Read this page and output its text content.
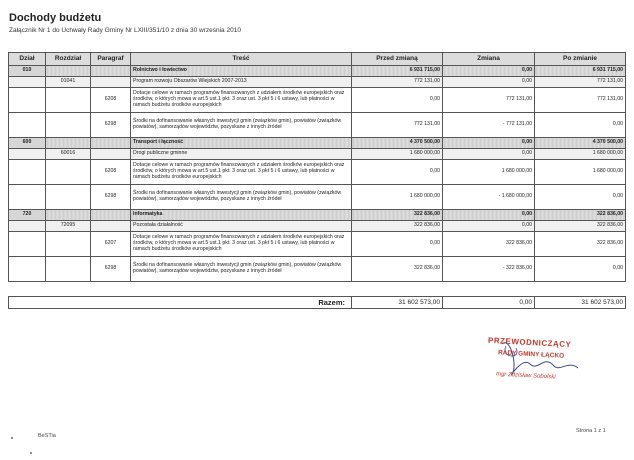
Dochody budżetu
Załącznik Nr 1 do Uchwały Rady Gminy Nr LXIII/351/10 z dnia 30 września 2010
Dział	Rozdział	Paragraf	Treść	Przed zmianą	Zmiana	Po zmianie
010			Rolnictwo i łowiectwo	6 931 715,00	0,00	6 931 715,00
	01041		Program rozwoju Obszarów Wiejskich 2007-2013	772 131,00	0,00	772 131,00
		6208	Dotacje celowe w ramach programów finansowanych z udziałem środków europejskich oraz środków, o których mowa w art.5 ust.1 pkt. 3 oraz ust. 3 pkt 5 i 6 ustawy, lub płatności w ramach budżetu środków europejskich	0,00	772 131,00	772 131,00
		6298	Środki na dofinansowanie własnych inwestycji gmin (związków gmin), powiatów (związków powiatów), samorządów województw, pozyskane z innych źródeł	772 131,00	- 772 131,00	0,00
600			Transport i łączność	4 370 500,00	0,00	4 370 500,00
	60016		Drogi publiczne gminne	1 680 000,00	0,00	1 680 000,00
		6208	Dotacje celowe w ramach programów finansowanych z udziałem środków europejskich oraz środków, o których mowa w art.5 ust.1 pkt. 3 oraz ust. 3 pkt 5 i 6 ustawy, lub płatności w ramach budżetu środków europejskich	0,00	1 680 000,00	1 680 000,00
		6298	Środki na dofinansowanie własnych inwestycji gmin (związków gmin), powiatów (związków powiatów), samorządów województw, pozyskane z innych źródeł	1 680 000,00	- 1 680 000,00	0,00
720			Informatyka	322 836,00	0,00	322 836,00
	72095		Pozostała działalność	322 836,00	0,00	322 836,00
		6207	Dotacje celowe w ramach programów finansowanych z udziałem środków europejskich oraz środków, o których mowa w art.5 ust.1 pkt. 3 oraz ust. 3 pkt 5 i 6 ustawy, lub płatności w ramach budżetu środków europejskich	0,00	322 836,00	322 836,00
		6298	Środki na dofinansowanie własnych inwestycji gmin (związków gmin), powiatów (związków powiatów), samorządów województw, pozyskane z innych źródeł	322 836,00	- 322 836,00	0,00
Razem:	31 602 573,00	0,00	31 602 573,00
PRZEWODNICZĄCY
RADY GMINY ŁĄCKO
mgr Zdzisław Sobolski
BeSTia
Strona 1 z 1
